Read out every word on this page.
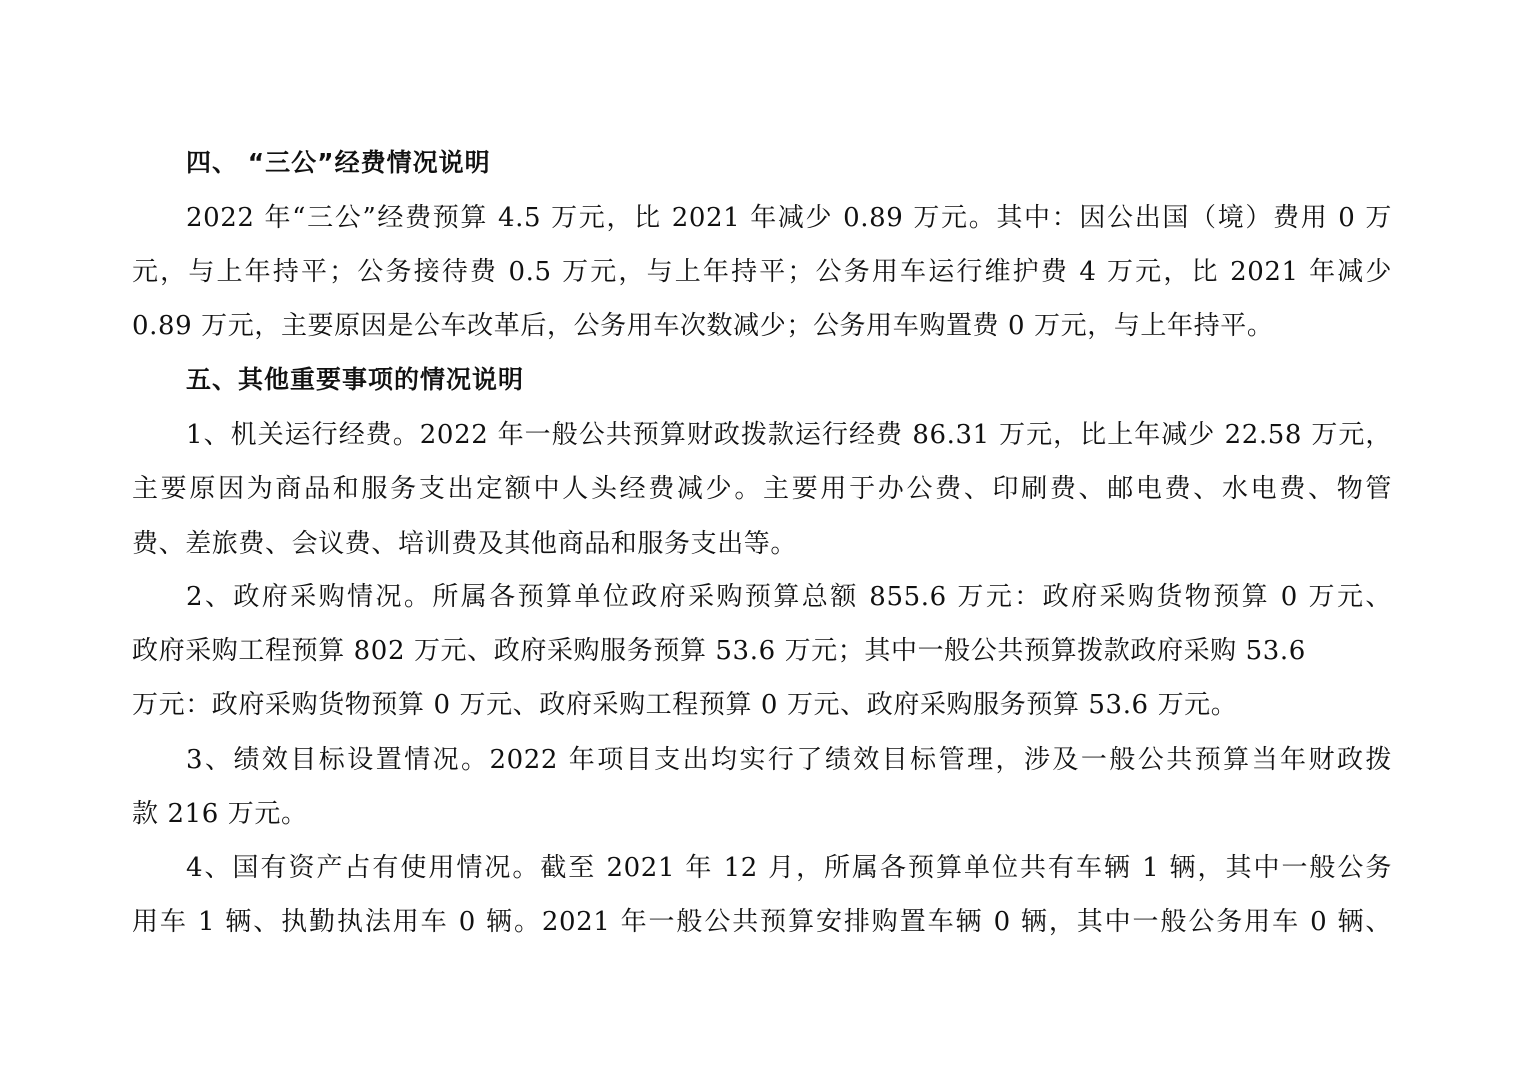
四、 “三公”经费情况说明
2022 年“三公”经费预算 4.5 万元，比 2021 年减少 0.89 万元。其中：因公出国（境）费用 0 万
元，与上年持平；公务接待费 0.5 万元，与上年持平；公务用车运行维护费 4 万元，比 2021 年减少
0.89 万元，主要原因是公车改革后，公务用车次数减少；公务用车购置费 0 万元，与上年持平。
五、其他重要事项的情况说明
1、机关运行经费。2022 年一般公共预算财政拨款运行经费 86.31 万元，比上年减少 22.58 万元，
主要原因为商品和服务支出定额中人头经费减少。主要用于办公费、印刷费、邮电费、水电费、物管
费、差旅费、会议费、培训费及其他商品和服务支出等。
2、政府采购情况。所属各预算单位政府采购预算总额 855.6 万元：政府采购货物预算 0 万元、
政府采购工程预算 802 万元、政府采购服务预算 53.6 万元；其中一般公共预算拨款政府采购 53.6
万元：政府采购货物预算 0 万元、政府采购工程预算 0 万元、政府采购服务预算 53.6 万元。
3、绩效目标设置情况。2022 年项目支出均实行了绩效目标管理，涉及一般公共预算当年财政拨
款 216 万元。
4、国有资产占有使用情况。截至 2021 年 12 月，所属各预算单位共有车辆 1 辆，其中一般公务
用车 1 辆、执勤执法用车 0 辆。2021 年一般公共预算安排购置车辆 0 辆，其中一般公务用车 0 辆、
